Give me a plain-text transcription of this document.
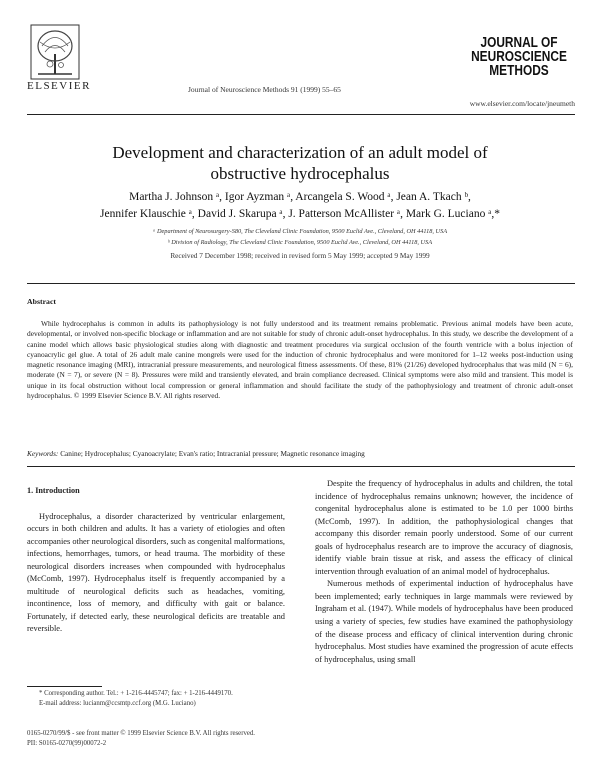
ELSEVIER	Journal of Neuroscience Methods 91 (1999) 55–65
JOURNAL OF
NEUROSCIENCE
METHODS
www.elsevier.com/locate/jneumeth
Development and characterization of an adult model of
obstructive hydrocephalus
Martha J. Johnson ᵃ, Igor Ayzman ᵃ, Arcangela S. Wood ᵃ, Jean A. Tkach ᵇ,
Jennifer Klauschie ᵃ, David J. Skarupa ᵃ, J. Patterson McAllister ᵃ, Mark G. Luciano ᵃ,*
ᵃ Department of Neurosurgery-S80, The Cleveland Clinic Foundation, 9500 Euclid Ave., Cleveland, OH 44118, USA
ᵇ Division of Radiology, The Cleveland Clinic Foundation, 9500 Euclid Ave., Cleveland, OH 44118, USA
Received 7 December 1998; received in revised form 5 May 1999; accepted 9 May 1999
Abstract
While hydrocephalus is common in adults its pathophysiology is not fully understood and its treatment remains problematic. Previous animal models have been acute, developmental, or involved non-specific blockage or inflammation and are not suitable for study of chronic adult-onset hydrocephalus. In this study, we describe the development of a canine model which allows basic physiological studies along with diagnostic and treatment procedures via surgical occlusion of the fourth ventricle with a bolus injection of cyanoacrylic gel glue. A total of 26 adult male canine mongrels were used for the induction of chronic hydrocephalus and were monitored for 1–12 weeks post-induction using magnetic resonance imaging (MRI), intracranial pressure measurements, and neurological fitness assessments. Of these, 81% (21/26) developed hydrocephalus that was mild (N = 6), moderate (N = 7), or severe (N = 8). Pressures were mild and transiently elevated, and brain compliance decreased. Clinical symptoms were also mild and transient. This model is unique in its focal obstruction without local compression or general inflammation and should facilitate the study of the pathophysiology and treatment of chronic adult-onset hydrocephalus. © 1999 Elsevier Science B.V. All rights reserved.
Keywords: Canine; Hydrocephalus; Cyanoacrylate; Evan's ratio; Intracranial pressure; Magnetic resonance imaging
1. Introduction

Hydrocephalus, a disorder characterized by ventricular enlargement, occurs in both children and adults. It has a variety of etiologies and often accompanies other neurological disorders, such as congenital malformations, infections, hemorrhages, tumors, or head trauma. The morbidity of these neurological disorders increases when compounded with hydrocephalus (McComb, 1997). Hydrocephalus itself is frequently accompanied by a multitude of neurological deficits such as headaches, vomiting, incontinence, loss of memory, and difficulty with gait or balance. Fortunately, if detected early, these neurological deficits are treatable and reversible.

* Corresponding author. Tel.: + 1-216-4445747; fax: + 1-216-4449170.
E-mail address: lucianm@ccsmtp.ccf.org (M.G. Luciano)

Despite the frequency of hydrocephalus in adults and children, the total incidence of hydrocephalus remains unknown; however, the incidence of congenital hydrocephalus alone is estimated to be 1.0 per 1000 births (McComb, 1997). In addition, the pathophysiological changes that accompany this disorder remain poorly understood. Some of our current goals of hydrocephalus research are to improve the accuracy of diagnosis, identify viable brain tissue at risk, and assess the efficacy of clinical intervention through evaluation of an animal model of hydrocephalus.

Numerous methods of experimental induction of hydrocephalus have been implemented; early techniques in large mammals were reviewed by Ingraham et al. (1947). While models of hydrocephalus have been produced using a variety of species, few studies have examined the pathophysiology of the disease process and efficacy of clinical intervention during chronic hydrocephalus. Most studies have examined the progression of acute effects of hydrocephalus, using small

0165-0270/99/$ - see front matter © 1999 Elsevier Science B.V. All rights reserved.
PII: S0165-0270(99)00072-2
